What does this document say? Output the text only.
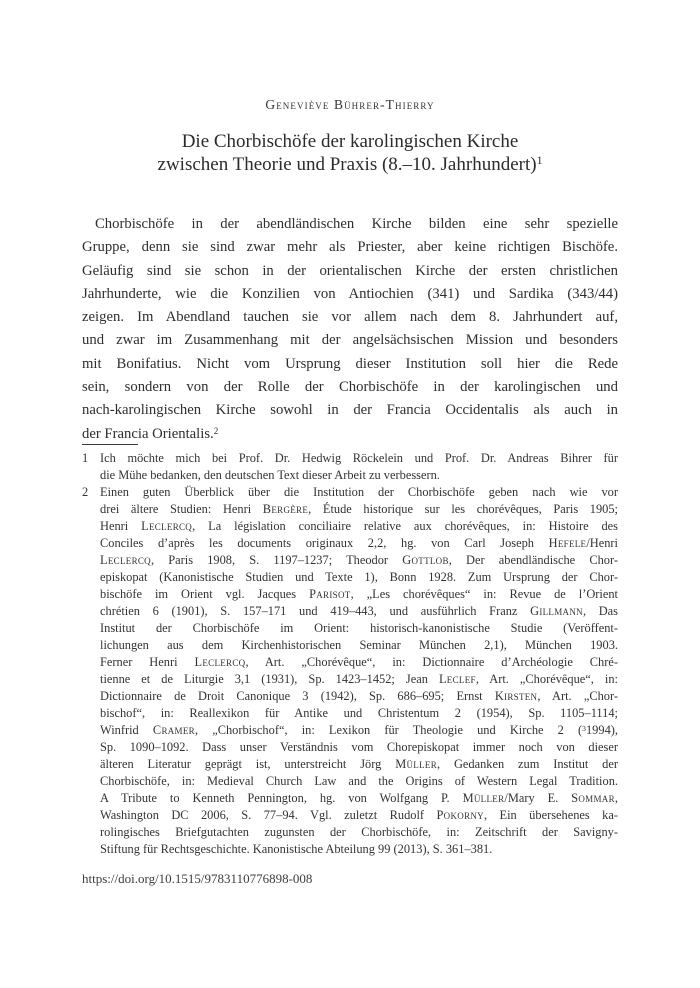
Geneviève Bührer-Thierry
Die Chorbischöfe der karolingischen Kirche
zwischen Theorie und Praxis (8.–10. Jahrhundert)$^1$
Chorbischöfe in der abendländischen Kirche bilden eine sehr spezielle
Gruppe, denn sie sind zwar mehr als Priester, aber keine richtigen Bischöfe.
Geläufig sind sie schon in der orientalischen Kirche der ersten christlichen
Jahrhunderte, wie die Konzilien von Antiochien (341) und Sardika (343/44)
zeigen. Im Abendland tauchen sie vor allem nach dem 8. Jahrhundert auf,
und zwar im Zusammenhang mit der angelsächsischen Mission und besonders
mit Bonifatius. Nicht vom Ursprung dieser Institution soll hier die Rede
sein, sondern von der Rolle der Chorbischöfe in der karolingischen und
nach-karolingischen Kirche sowohl in der Francia Occidentalis als auch in
der Francia Orientalis.$^2$
1 Ich möchte mich bei Prof. Dr. Hedwig Röckelein und Prof. Dr. Andreas Bihrer für
die Mühe bedanken, den deutschen Text dieser Arbeit zu verbessern.
2 Einen guten Überblick über die Institution der Chorbischöfe geben nach wie vor
drei ältere Studien: Henri Bergère, Étude historique sur les chorévêques, Paris 1905;
Henri Leclercq, La législation conciliaire relative aux chorévêques, in: Histoire des
Conciles d’après les documents originaux 2,2, hg. von Carl Joseph Hefele/Henri
Leclercq, Paris 1908, S. 1197–1237; Theodor Gottlob, Der abendländische Chor-
episkopat (Kanonistische Studien und Texte 1), Bonn 1928. Zum Ursprung der Chor-
bischöfe im Orient vgl. Jacques Parisot, „Les chorévêques“ in: Revue de l’Orient
chrétien 6 (1901), S. 157–171 und 419–443, und ausführlich Franz Gillmann, Das
Institut der Chorbischöfe im Orient: historisch-kanonistische Studie (Veröffent-
lichungen aus dem Kirchenhistorischen Seminar München 2,1), München 1903.
Ferner Henri Leclercq, Art. „Chorévêque“, in: Dictionnaire d’Archéologie Chré-
tienne et de Liturgie 3,1 (1931), Sp. 1423–1452; Jean Leclef, Art. „Chorévêque“, in:
Dictionnaire de Droit Canonique 3 (1942), Sp. 686–695; Ernst Kirsten, Art. „Chor-
bischof“, in: Reallexikon für Antike und Christentum 2 (1954), Sp. 1105–1114;
Winfrid Cramer, „Chorbischof“, in: Lexikon für Theologie und Kirche 2 ($^3$1994),
Sp. 1090–1092. Dass unser Verständnis vom Chorepiskopat immer noch von dieser
älteren Literatur geprägt ist, unterstreicht Jörg Müller, Gedanken zum Institut der
Chorbischöfe, in: Medieval Church Law and the Origins of Western Legal Tradition.
A Tribute to Kenneth Pennington, hg. von Wolfgang P. Müller/Mary E. Sommar,
Washington DC 2006, S. 77–94. Vgl. zuletzt Rudolf Pokorny, Ein übersehenes ka-
rolingisches Briefgutachten zugunsten der Chorbischöfe, in: Zeitschrift der Savigny-
Stiftung für Rechtsgeschichte. Kanonistische Abteilung 99 (2013), S. 361–381.
https://doi.org/10.1515/9783110776898-008
